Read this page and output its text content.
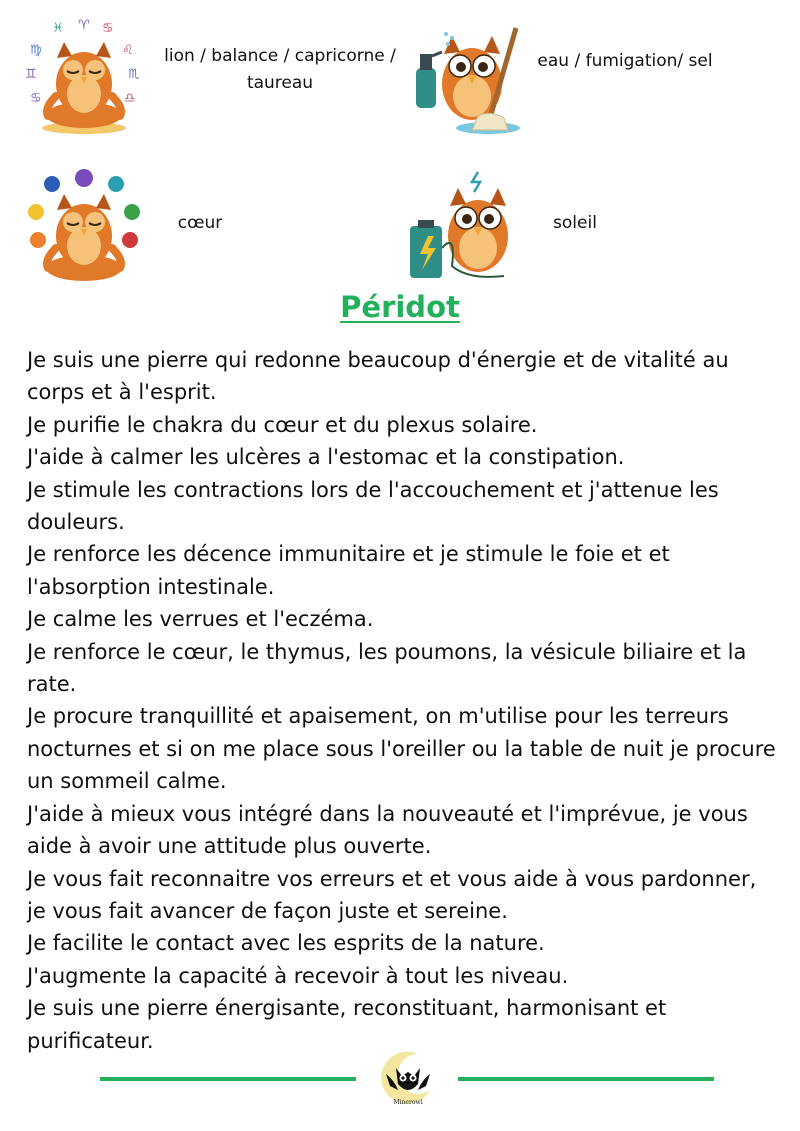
♍
♓ ♈ ♋
♌
♊	♏
♋	♎
lion / balance / capricorne / taureau
eau / fumigation/ sel
cœur	soleil
Péridot
Je suis une pierre qui redonne beaucoup d'énergie et de vitalité au corps et à l'esprit.
Je purifie le chakra du cœur et du plexus solaire.
J'aide à calmer les ulcères a l'estomac et la constipation.
Je stimule les contractions lors de l'accouchement et j'attenue les douleurs.
Je renforce les décence immunitaire et je stimule le foie et et l'absorption intestinale.
Je calme les verrues et l'eczéma.
Je renforce le cœur, le thymus, les poumons, la vésicule biliaire et la rate.
Je procure tranquillité et apaisement, on m'utilise pour les terreurs nocturnes et si on me place sous l'oreiller ou la table de nuit je procure un sommeil calme.
J'aide à mieux vous intégré dans la nouveauté et l'imprévue, je vous aide à avoir une attitude plus ouverte.
Je vous fait reconnaitre vos erreurs et et vous aide à vous pardonner, je vous fait avancer de façon juste et sereine.
Je facilite le contact avec les esprits de la nature.
J'augmente la capacité à recevoir à tout les niveau.
Je suis une pierre énergisante, reconstituant, harmonisant et purificateur.
Minerowl
